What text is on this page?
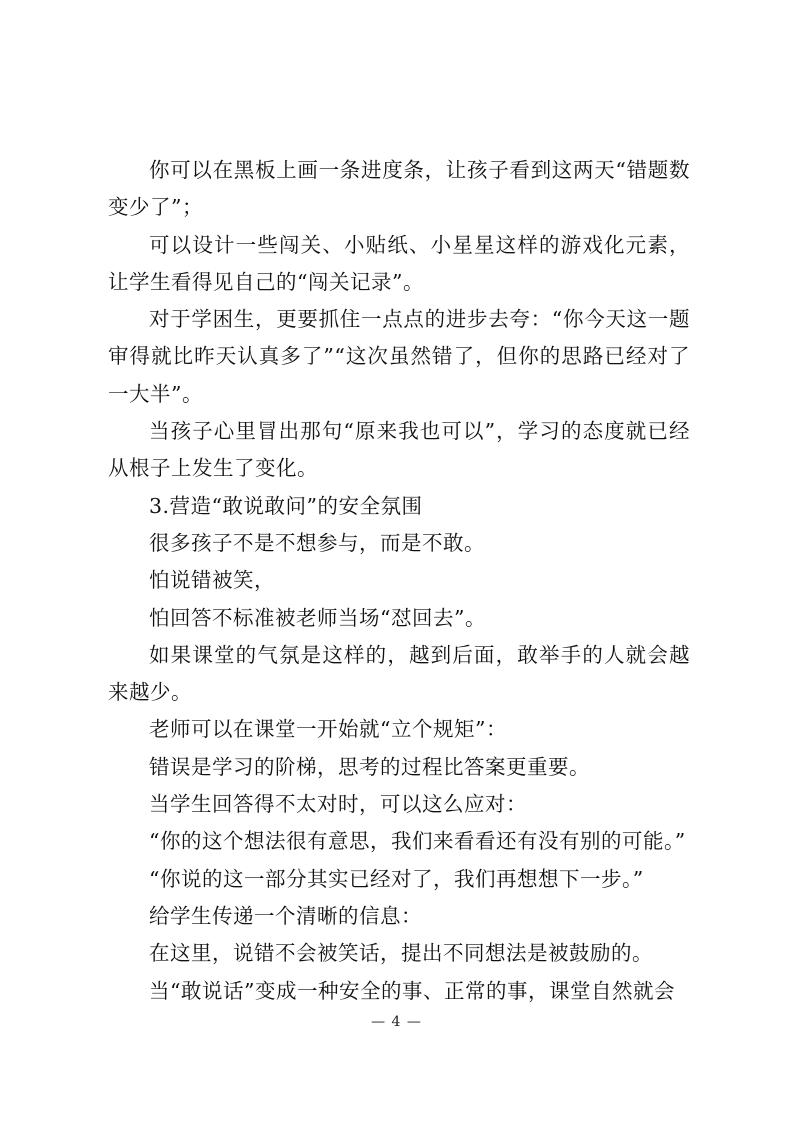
你可以在黑板上画一条进度条，让孩子看到这两天“错题数变少了”；

可以设计一些闯关、小贴纸、小星星这样的游戏化元素，让学生看得见自己的“闯关记录”。

对于学困生，更要抓住一点点的进步去夸：“你今天这一题审得就比昨天认真多了”“这次虽然错了，但你的思路已经对了一大半”。

当孩子心里冒出那句“原来我也可以”，学习的态度就已经从根子上发生了变化。

3.营造“敢说敢问”的安全氛围

很多孩子不是不想参与，而是不敢。

怕说错被笑，

怕回答不标准被老师当场“怼回去”。

如果课堂的气氛是这样的，越到后面，敢举手的人就会越来越少。

老师可以在课堂一开始就“立个规矩”：

错误是学习的阶梯，思考的过程比答案更重要。

当学生回答得不太对时，可以这么应对：

“你的这个想法很有意思，我们来看看还有没有别的可能。”

“你说的这一部分其实已经对了，我们再想想下一步。”

给学生传递一个清晰的信息：

在这里，说错不会被笑话，提出不同想法是被鼓励的。

当“敢说话”变成一种安全的事、正常的事，课堂自然就会

— 4 —
